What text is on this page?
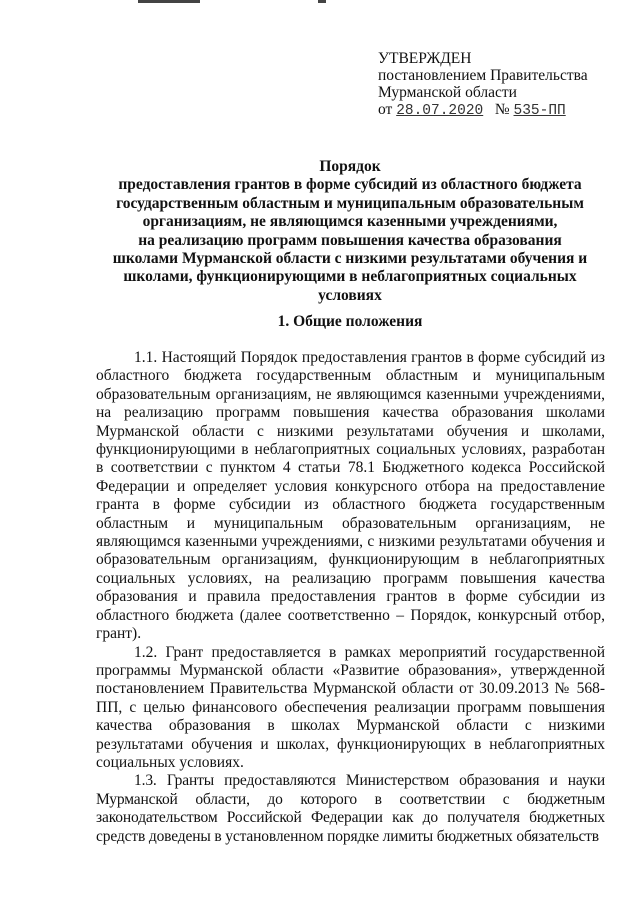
УТВЕРЖДЕН
постановлением Правительства
Мурманской области
от 28.07.2020 № 535-ПП
Порядок
предоставления грантов в форме субсидий из областного бюджета
государственным областным и муниципальным образовательным
организациям, не являющимся казенными учреждениями,
на реализацию программ повышения качества образования
школами Мурманской области с низкими результатами обучения и
школами, функционирующими в неблагоприятных социальных
условиях
1. Общие положения

1.1. Настоящий Порядок предоставления грантов в форме субсидий из областного бюджета государственным областным и муниципальным образовательным организациям, не являющимся казенными учреждениями, на реализацию программ повышения качества образования школами Мурманской области с низкими результатами обучения и школами, функционирующими в неблагоприятных социальных условиях, разработан в соответствии с пунктом 4 статьи 78.1 Бюджетного кодекса Российской Федерации и определяет условия конкурсного отбора на предоставление гранта в форме субсидии из областного бюджета государственным областным и муниципальным образовательным организациям, не являющимся казенными учреждениями, с низкими результатами обучения и образовательным организациям, функционирующим в неблагоприятных социальных условиях, на реализацию программ повышения качества образования и правила предоставления грантов в форме субсидии из областного бюджета (далее соответственно – Порядок, конкурсный отбор, грант).

1.2. Грант предоставляется в рамках мероприятий государственной программы Мурманской области «Развитие образования», утвержденной постановлением Правительства Мурманской области от 30.09.2013 № 568-ПП, с целью финансового обеспечения реализации программ повышения качества образования в школах Мурманской области с низкими результатами обучения и школах, функционирующих в неблагоприятных социальных условиях.

1.3. Гранты предоставляются Министерством образования и науки Мурманской области, до которого в соответствии с бюджетным законодательством Российской Федерации как до получателя бюджетных средств доведены в установленном порядке лимиты бюджетных обязательств
